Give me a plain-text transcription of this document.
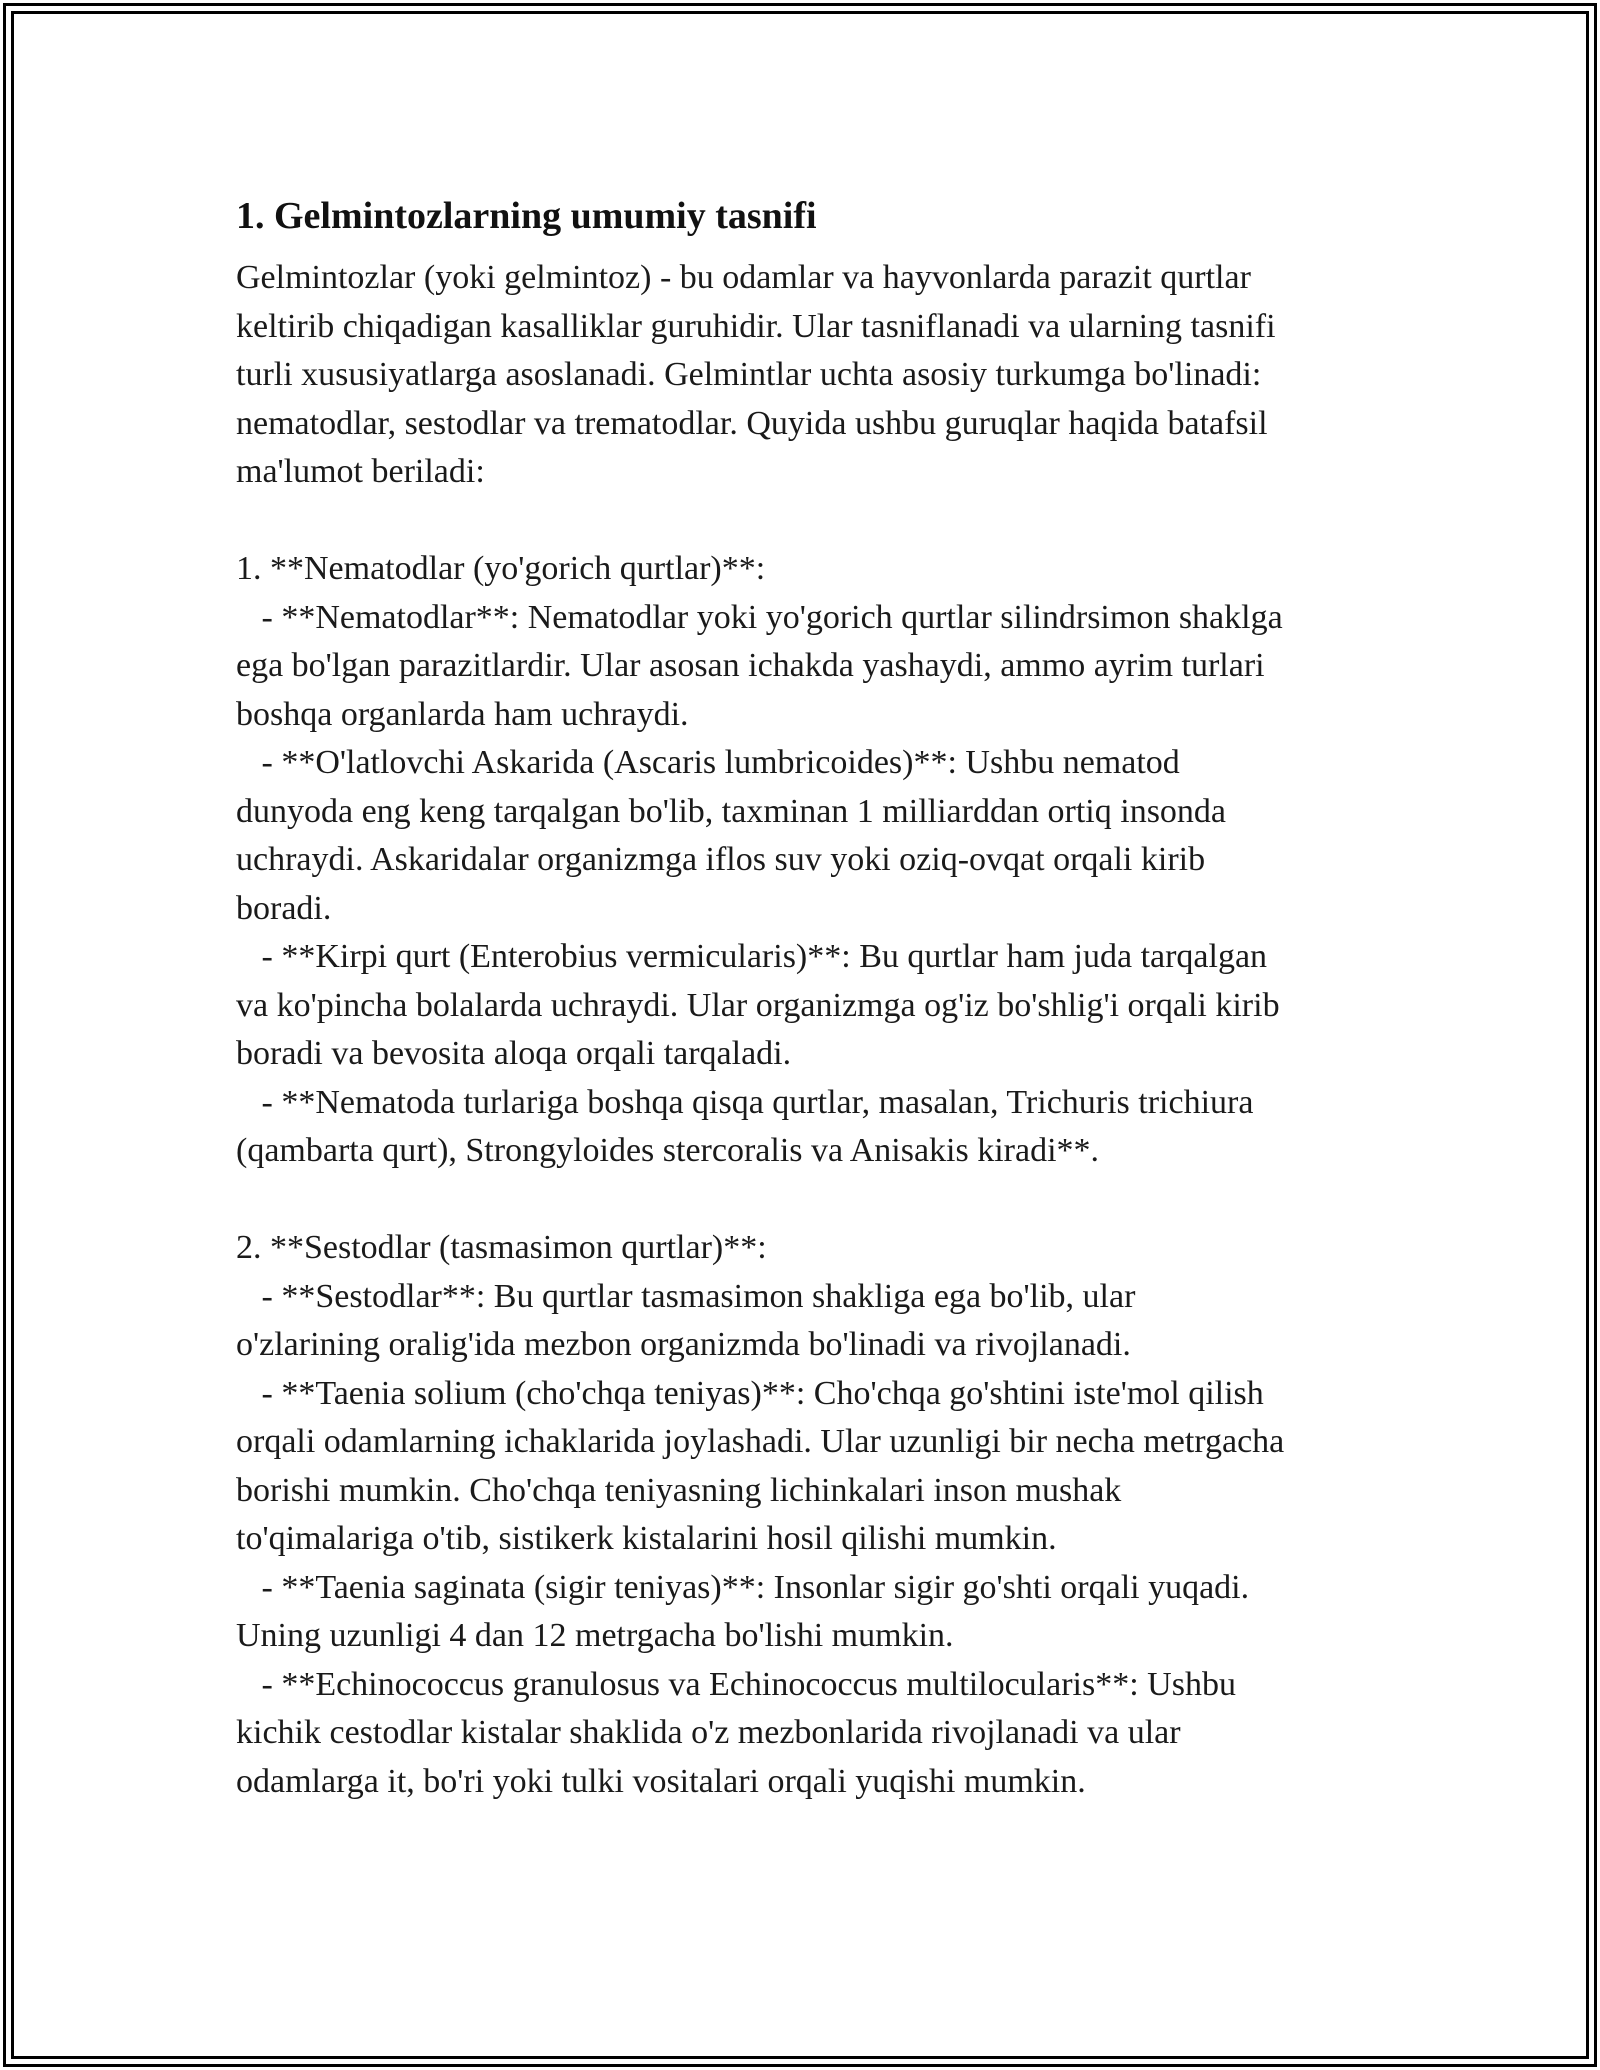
1. Gelmintozlarning umumiy tasnifi
Gelmintozlar (yoki gelmintoz) - bu odamlar va hayvonlarda parazit qurtlar
keltirib chiqadigan kasalliklar guruhidir. Ular tasniflanadi va ularning tasnifi
turli xususiyatlarga asoslanadi. Gelmintlar uchta asosiy turkumga bo'linadi:
nematodlar, sestodlar va trematodlar. Quyida ushbu guruqlar haqida batafsil
ma'lumot beriladi:
1. **Nematodlar (yo'gorich qurtlar)**:
- **Nematodlar**: Nematodlar yoki yo'gorich qurtlar silindrsimon shaklga
ega bo'lgan parazitlardir. Ular asosan ichakda yashaydi, ammo ayrim turlari
boshqa organlarda ham uchraydi.
- **O'latlovchi Askarida (Ascaris lumbricoides)**: Ushbu nematod
dunyoda eng keng tarqalgan bo'lib, taxminan 1 milliarddan ortiq insonda
uchraydi. Askaridalar organizmga iflos suv yoki oziq-ovqat orqali kirib
boradi.
- **Kirpi qurt (Enterobius vermicularis)**: Bu qurtlar ham juda tarqalgan
va ko'pincha bolalarda uchraydi. Ular organizmga og'iz bo'shlig'i orqali kirib
boradi va bevosita aloqa orqali tarqaladi.
- **Nematoda turlariga boshqa qisqa qurtlar, masalan, Trichuris trichiura
(qambarta qurt), Strongyloides stercoralis va Anisakis kiradi**.
2. **Sestodlar (tasmasimon qurtlar)**:
- **Sestodlar**: Bu qurtlar tasmasimon shakliga ega bo'lib, ular
o'zlarining oralig'ida mezbon organizmda bo'linadi va rivojlanadi.
- **Taenia solium (cho'chqa teniyas)**: Cho'chqa go'shtini iste'mol qilish
orqali odamlarning ichaklarida joylashadi. Ular uzunligi bir necha metrgacha
borishi mumkin. Cho'chqa teniyasning lichinkalari inson mushak
to'qimalariga o'tib, sistikerk kistalarini hosil qilishi mumkin.
- **Taenia saginata (sigir teniyas)**: Insonlar sigir go'shti orqali yuqadi.
Uning uzunligi 4 dan 12 metrgacha bo'lishi mumkin.
- **Echinococcus granulosus va Echinococcus multilocularis**: Ushbu
kichik cestodlar kistalar shaklida o'z mezbonlarida rivojlanadi va ular
odamlarga it, bo'ri yoki tulki vositalari orqali yuqishi mumkin.
